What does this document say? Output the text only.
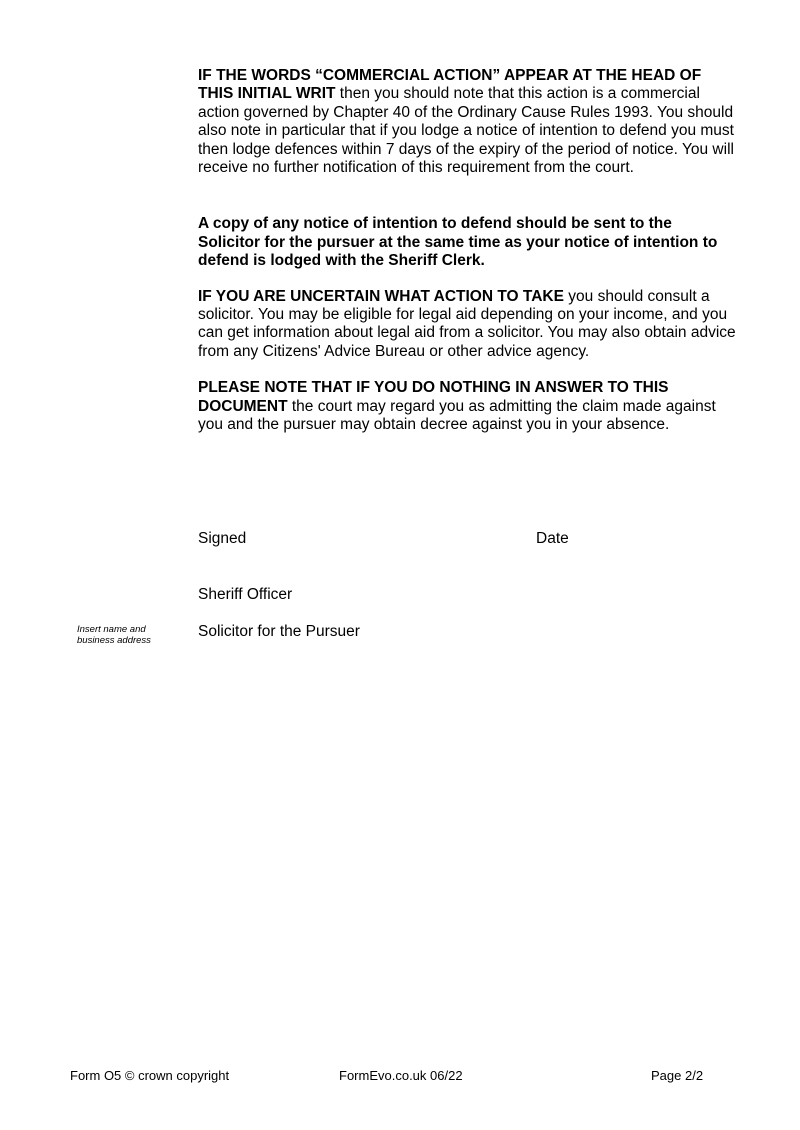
IF THE WORDS “COMMERCIAL ACTION” APPEAR AT THE HEAD OF THIS INITIAL WRIT then you should note that this action is a commercial action governed by Chapter 40 of the Ordinary Cause Rules 1993. You should also note in particular that if you lodge a notice of intention to defend you must then lodge defences within 7 days of the expiry of the period of notice. You will receive no further notification of this requirement from the court.

A copy of any notice of intention to defend should be sent to the Solicitor for the pursuer at the same time as your notice of intention to defend is lodged with the Sheriff Clerk.

IF YOU ARE UNCERTAIN WHAT ACTION TO TAKE you should consult a solicitor. You may be eligible for legal aid depending on your income, and you can get information about legal aid from a solicitor. You may also obtain advice from any Citizens' Advice Bureau or other advice agency.

PLEASE NOTE THAT IF YOU DO NOTHING IN ANSWER TO THIS DOCUMENT the court may regard you as admitting the claim made against you and the pursuer may obtain decree against you in your absence.

Signed	Date
Sheriff Officer
Insert name and
business address
Solicitor for the Pursuer
Form O5 © crown copyright	FormEvo.co.uk 06/22	Page 2/2
